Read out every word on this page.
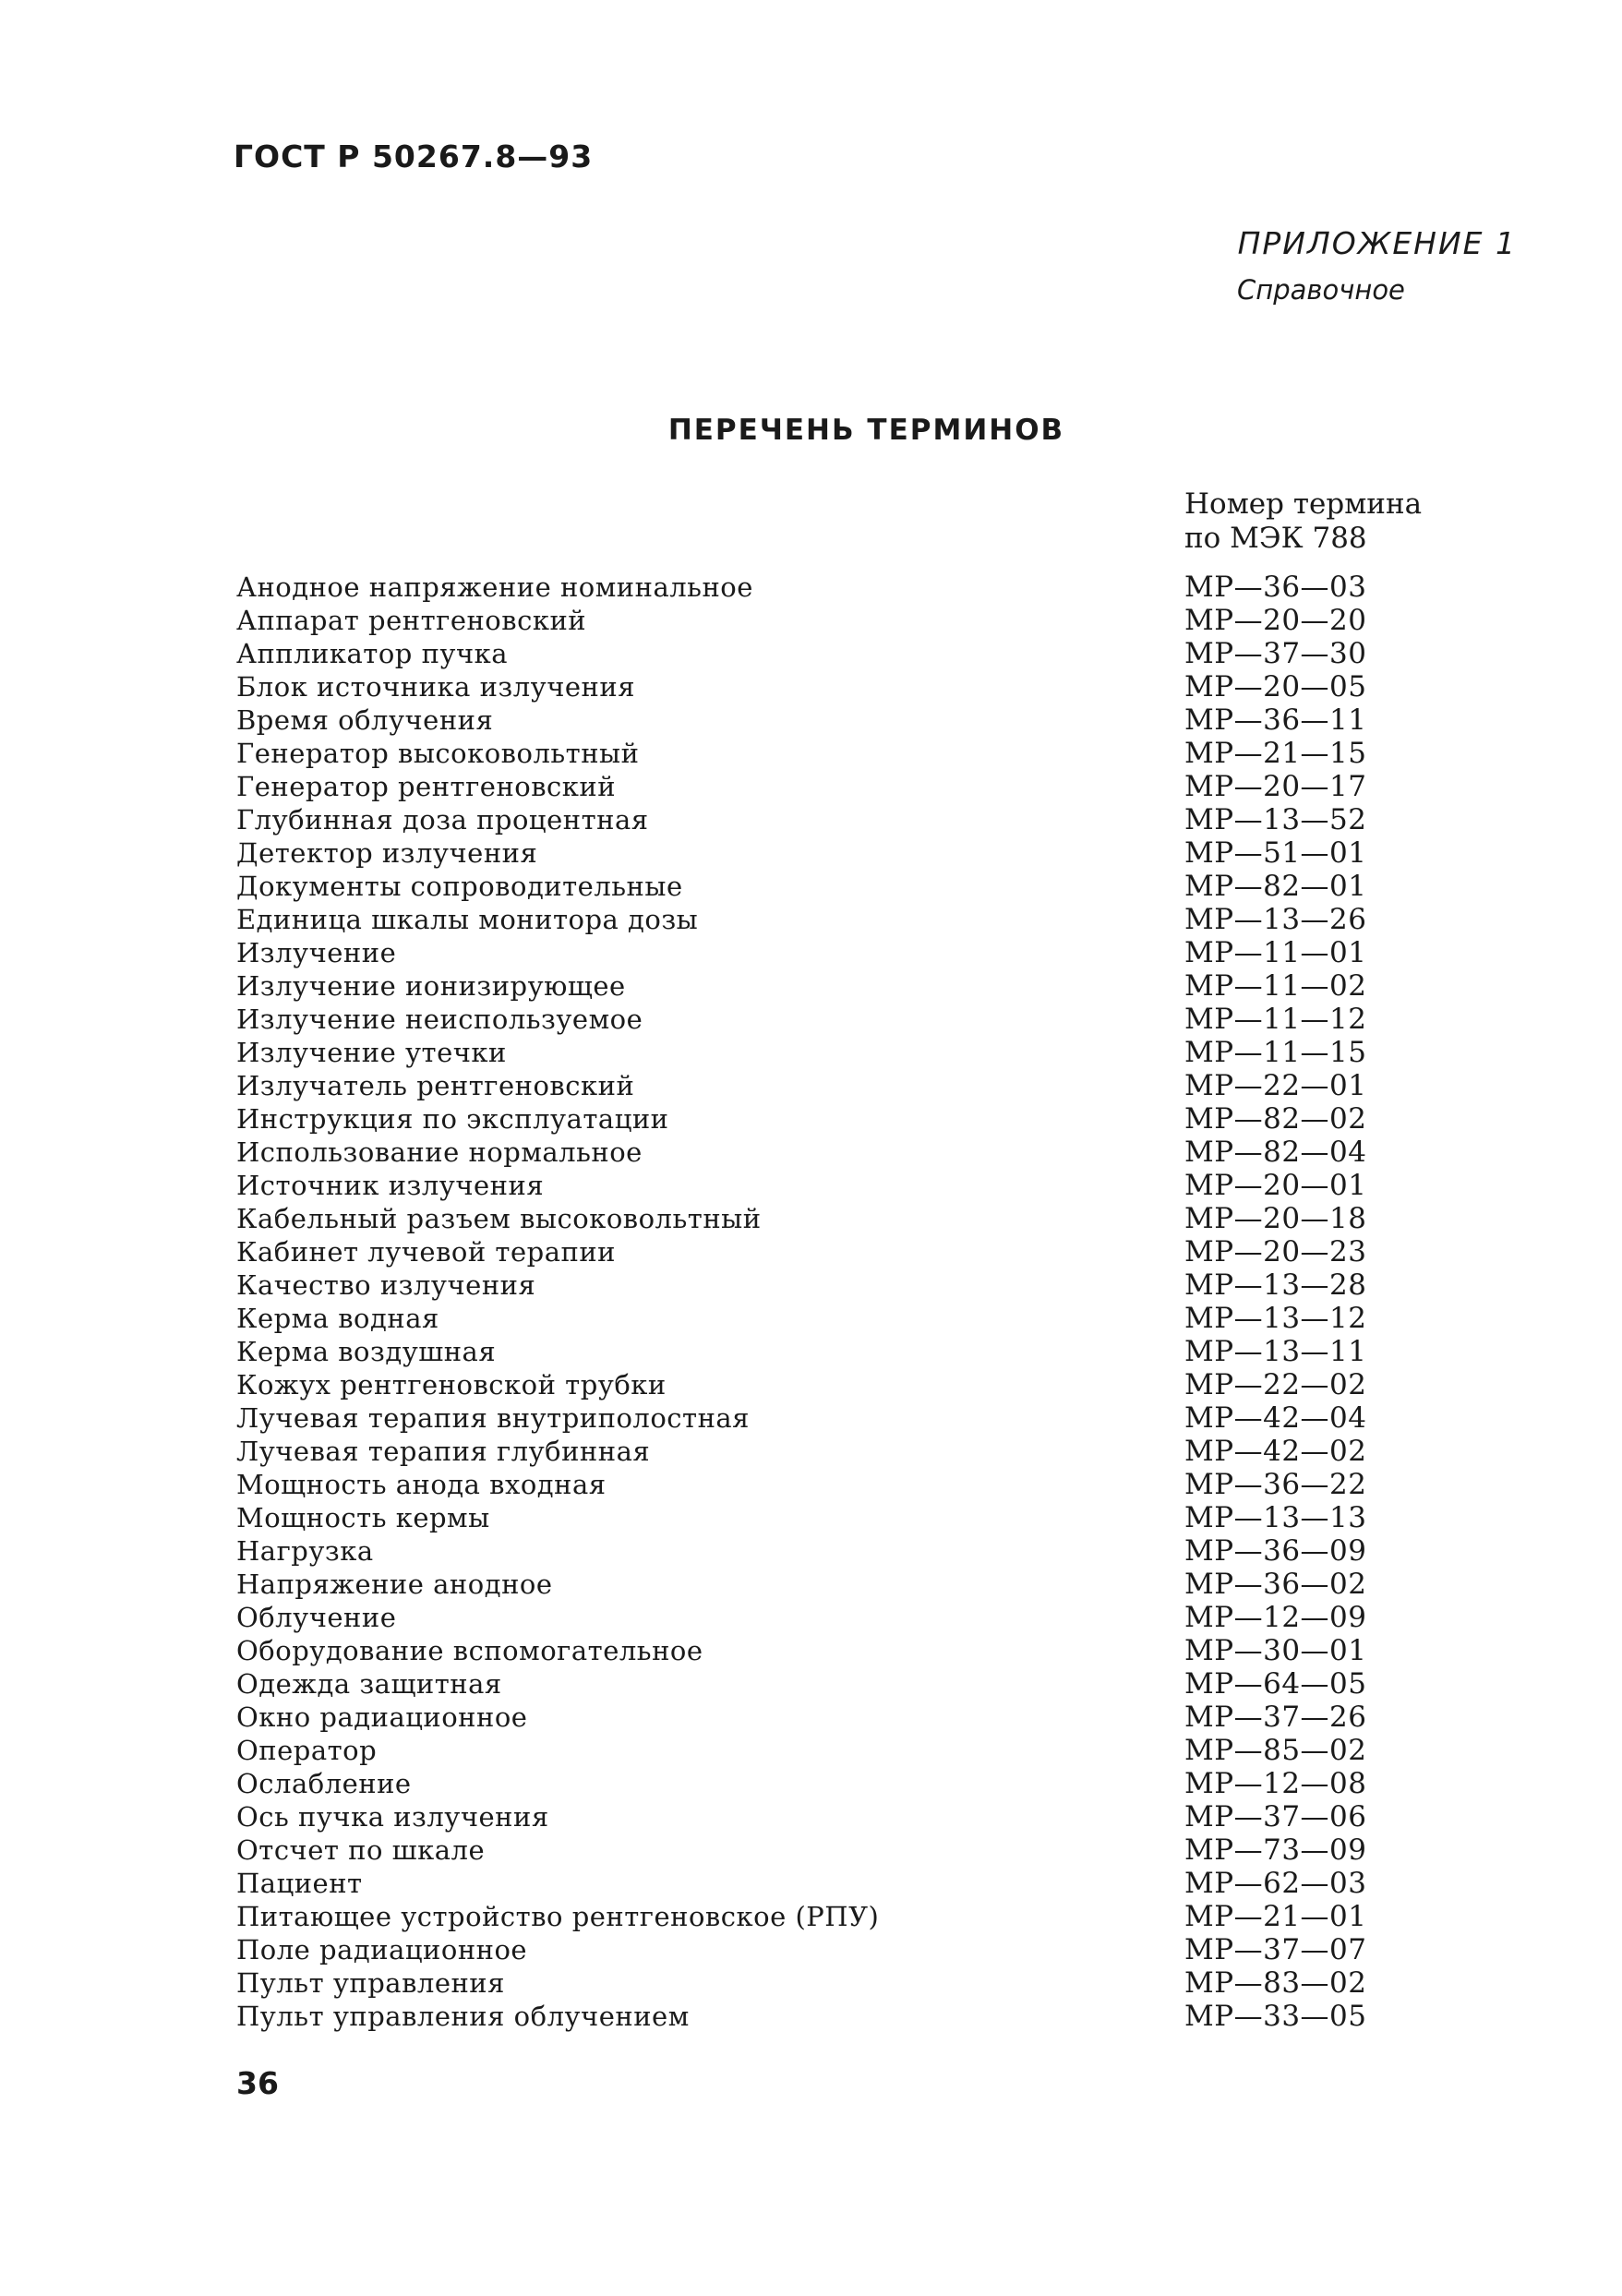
ГОСТ Р 50267.8—93
ПРИЛОЖЕНИЕ 1
Справочное
ПЕРЕЧЕНЬ ТЕРМИНОВ
Номер термина
по МЭК 788
Анодное напряжение номинальное	МР—36—03
Аппарат рентгеновский	МР—20—20
Аппликатор пучка	МР—37—30
Блок источника излучения	МР—20—05
Время облучения	МР—36—11
Генератор высоковольтный	МР—21—15
Генератор рентгеновский	МР—20—17
Глубинная доза процентная	МР—13—52
Детектор излучения	МР—51—01
Документы сопроводительные	МР—82—01
Единица шкалы монитора дозы	МР—13—26
Излучение	МР—11—01
Излучение ионизирующее	МР—11—02
Излучение неиспользуемое	МР—11—12
Излучение утечки	МР—11—15
Излучатель рентгеновский	МР—22—01
Инструкция по эксплуатации	МР—82—02
Использование нормальное	МР—82—04
Источник излучения	МР—20—01
Кабельный разъем высоковольтный	МР—20—18
Кабинет лучевой терапии	МР—20—23
Качество излучения	МР—13—28
Керма водная	МР—13—12
Керма воздушная	МР—13—11
Кожух рентгеновской трубки	МР—22—02
Лучевая терапия внутриполостная	МР—42—04
Лучевая терапия глубинная	МР—42—02
Мощность анода входная	МР—36—22
Мощность кермы	МР—13—13
Нагрузка	МР—36—09
Напряжение анодное	МР—36—02
Облучение	МР—12—09
Оборудование вспомогательное	МР—30—01
Одежда защитная	МР—64—05
Окно радиационное	МР—37—26
Оператор	МР—85—02
Ослабление	МР—12—08
Ось пучка излучения	МР—37—06
Отсчет по шкале	МР—73—09
Пациент	МР—62—03
Питающее устройство рентгеновское (РПУ)	МР—21—01
Поле радиационное	МР—37—07
Пульт управления	МР—83—02
Пульт управления облучением	МР—33—05
36
